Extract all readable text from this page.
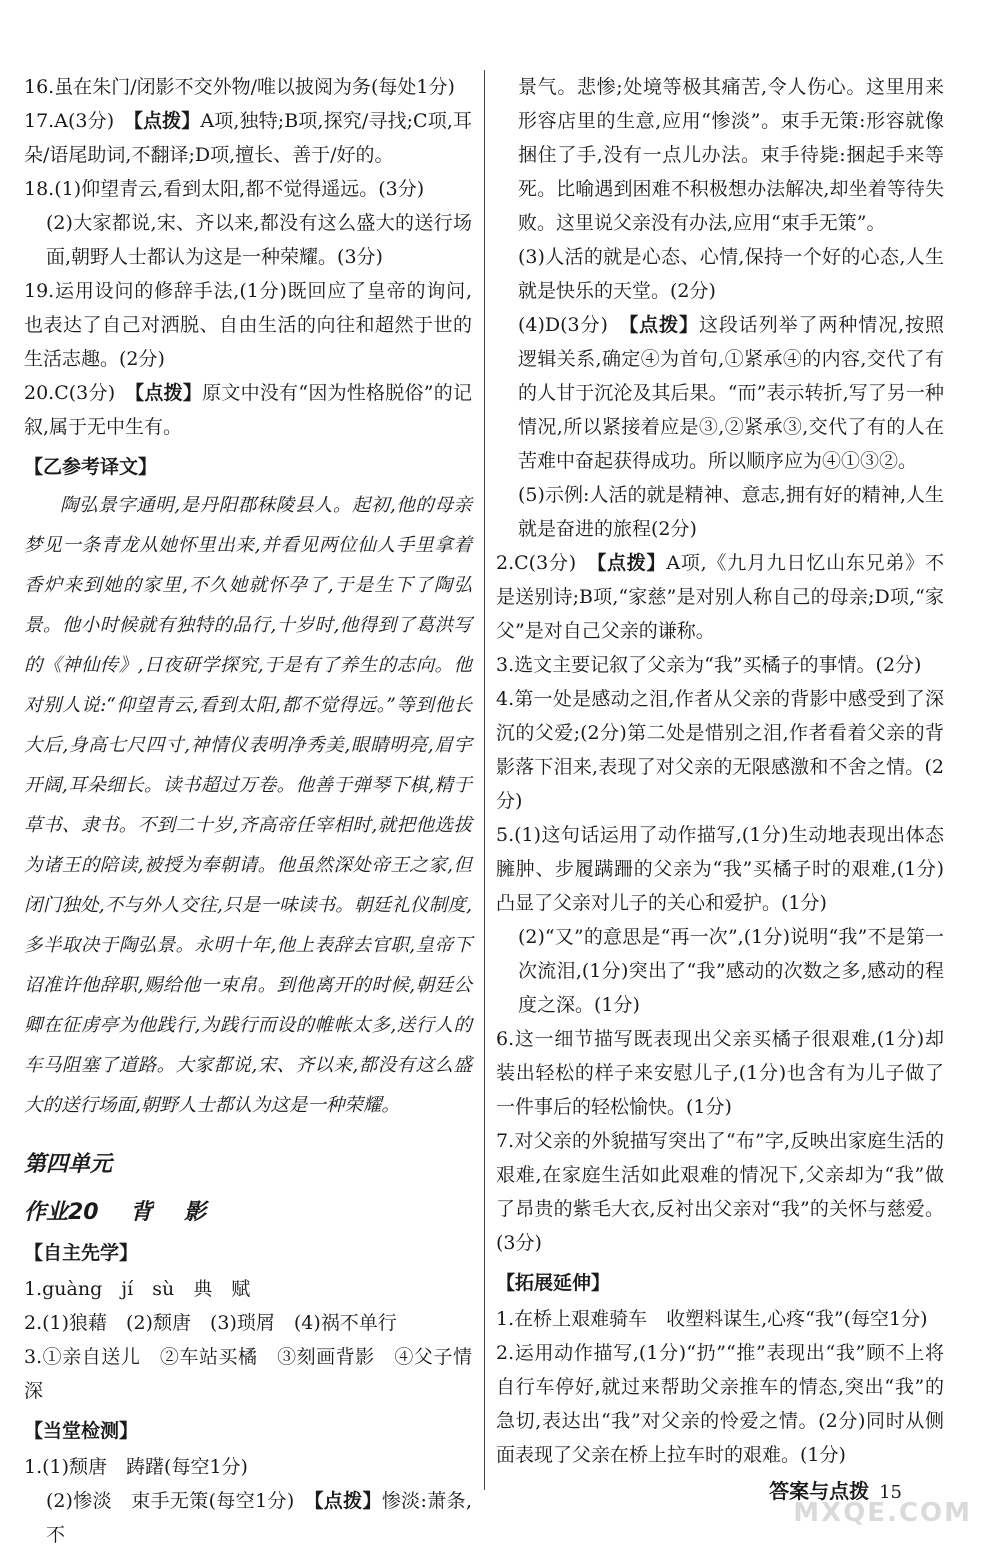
16.虽在朱门/闭影不交外物/唯以披阅为务(每处1分)

17.A(3分)　【点拨】A项,独特;B项,探究/寻找;C项,耳朵/语尾助词,不翻译;D项,擅长、善于/好的。

18.(1)仰望青云,看到太阳,都不觉得遥远。(3分)

(2)大家都说,宋、齐以来,都没有这么盛大的送行场面,朝野人士都认为这是一种荣耀。(3分)

19.运用设问的修辞手法,(1分)既回应了皇帝的询问,也表达了自己对洒脱、自由生活的向往和超然于世的生活志趣。(2分)

20.C(3分)　【点拨】原文中没有“因为性格脱俗”的记叙,属于无中生有。

【乙参考译文】

陶弘景字通明,是丹阳郡秣陵县人。起初,他的母亲梦见一条青龙从她怀里出来,并看见两位仙人手里拿着香炉来到她的家里,不久她就怀孕了,于是生下了陶弘景。他小时候就有独特的品行,十岁时,他得到了葛洪写的《神仙传》,日夜研学探究,于是有了养生的志向。他对别人说:“仰望青云,看到太阳,都不觉得远。”等到他长大后,身高七尺四寸,神情仪表明净秀美,眼睛明亮,眉宇开阔,耳朵细长。读书超过万卷。他善于弹琴下棋,精于草书、隶书。不到二十岁,齐高帝任宰相时,就把他选拔为诸王的陪读,被授为奉朝请。他虽然深处帝王之家,但闭门独处,不与外人交往,只是一味读书。朝廷礼仪制度,多半取决于陶弘景。永明十年,他上表辞去官职,皇帝下诏准许他辞职,赐给他一束帛。到他离开的时候,朝廷公卿在征虏亭为他践行,为践行而设的帷帐太多,送行人的车马阻塞了道路。大家都说,宋、齐以来,都没有这么盛大的送行场面,朝野人士都认为这是一种荣耀。

第四单元
作业20 背 影
【自主先学】

1.guàng　jí　sù　典　赋

2.(1)狼藉　(2)颓唐　(3)琐屑　(4)祸不单行

3.①亲自送儿　②车站买橘　③刻画背影　④父子情深

【当堂检测】

1.(1)颓唐　踌躇(每空1分)

(2)惨淡　束手无策(每空1分)　【点拨】惨淡:萧条,不

景气。悲惨;处境等极其痛苦,令人伤心。这里用来形容店里的生意,应用“惨淡”。束手无策:形容就像捆住了手,没有一点儿办法。束手待毙:捆起手来等死。比喻遇到困难不积极想办法解决,却坐着等待失败。这里说父亲没有办法,应用“束手无策”。

(3)人活的就是心态、心情,保持一个好的心态,人生就是快乐的天堂。(2分)

(4)D(3分)　【点拨】这段话列举了两种情况,按照逻辑关系,确定④为首句,①紧承④的内容,交代了有的人甘于沉沦及其后果。“而”表示转折,写了另一种情况,所以紧接着应是③,②紧承③,交代了有的人在苦难中奋起获得成功。所以顺序应为④①③②。

(5)示例:人活的就是精神、意志,拥有好的精神,人生就是奋进的旅程(2分)

2.C(3分)　【点拨】A项,《九月九日忆山东兄弟》不是送别诗;B项,“家慈”是对别人称自己的母亲;D项,“家父”是对自己父亲的谦称。

3.选文主要记叙了父亲为“我”买橘子的事情。(2分)

4.第一处是感动之泪,作者从父亲的背影中感受到了深沉的父爱;(2分)第二处是惜别之泪,作者看着父亲的背影落下泪来,表现了对父亲的无限感激和不舍之情。(2分)

5.(1)这句话运用了动作描写,(1分)生动地表现出体态臃肿、步履蹒跚的父亲为“我”买橘子时的艰难,(1分)凸显了父亲对儿子的关心和爱护。(1分)

(2)“又”的意思是“再一次”,(1分)说明“我”不是第一次流泪,(1分)突出了“我”感动的次数之多,感动的程度之深。(1分)

6.这一细节描写既表现出父亲买橘子很艰难,(1分)却装出轻松的样子来安慰儿子,(1分)也含有为儿子做了一件事后的轻松愉快。(1分)

7.对父亲的外貌描写突出了“布”字,反映出家庭生活的艰难,在家庭生活如此艰难的情况下,父亲却为“我”做了昂贵的紫毛大衣,反衬出父亲对“我”的关怀与慈爱。(3分)

【拓展延伸】

1.在桥上艰难骑车　收塑料谋生,心疼“我”(每空1分)

2.运用动作描写,(1分)“扔”“推”表现出“我”顾不上将自行车停好,就过来帮助父亲推车的情态,突出“我”的急切,表达出“我”对父亲的怜爱之情。(2分)同时从侧面表现了父亲在桥上拉车时的艰难。(1分)

答案与点拨 15
MXQE.COM
